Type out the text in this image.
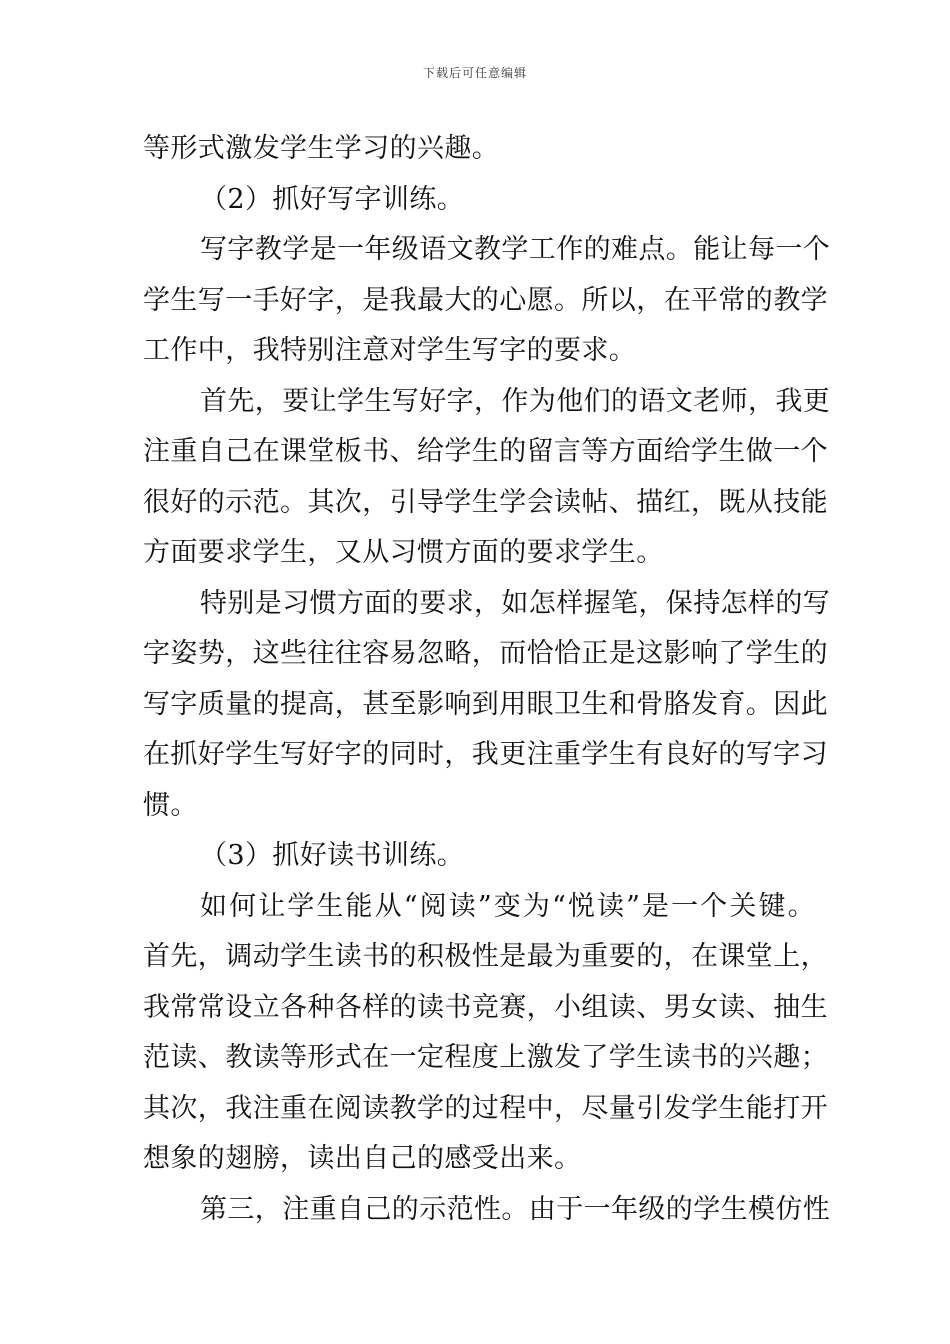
下载后可任意编辑
等形式激发学生学习的兴趣。
（2）抓好写字训练。
写字教学是一年级语文教学工作的难点。能让每一个
学生写一手好字，是我最大的心愿。所以，在平常的教学
工作中，我特别注意对学生写字的要求。
首先，要让学生写好字，作为他们的语文老师，我更
注重自己在课堂板书、给学生的留言等方面给学生做一个
很好的示范。其次，引导学生学会读帖、描红，既从技能
方面要求学生，又从习惯方面的要求学生。
特别是习惯方面的要求，如怎样握笔，保持怎样的写
字姿势，这些往往容易忽略，而恰恰正是这影响了学生的
写字质量的提高，甚至影响到用眼卫生和骨胳发育。因此
在抓好学生写好字的同时，我更注重学生有良好的写字习
惯。
（3）抓好读书训练。
如何让学生能从“阅读”变为“悦读”是一个关键。
首先，调动学生读书的积极性是最为重要的，在课堂上，
我常常设立各种各样的读书竞赛，小组读、男女读、抽生
范读、教读等形式在一定程度上激发了学生读书的兴趣；
其次，我注重在阅读教学的过程中，尽量引发学生能打开
想象的翅膀，读出自己的感受出来。
第三，注重自己的示范性。由于一年级的学生模仿性
